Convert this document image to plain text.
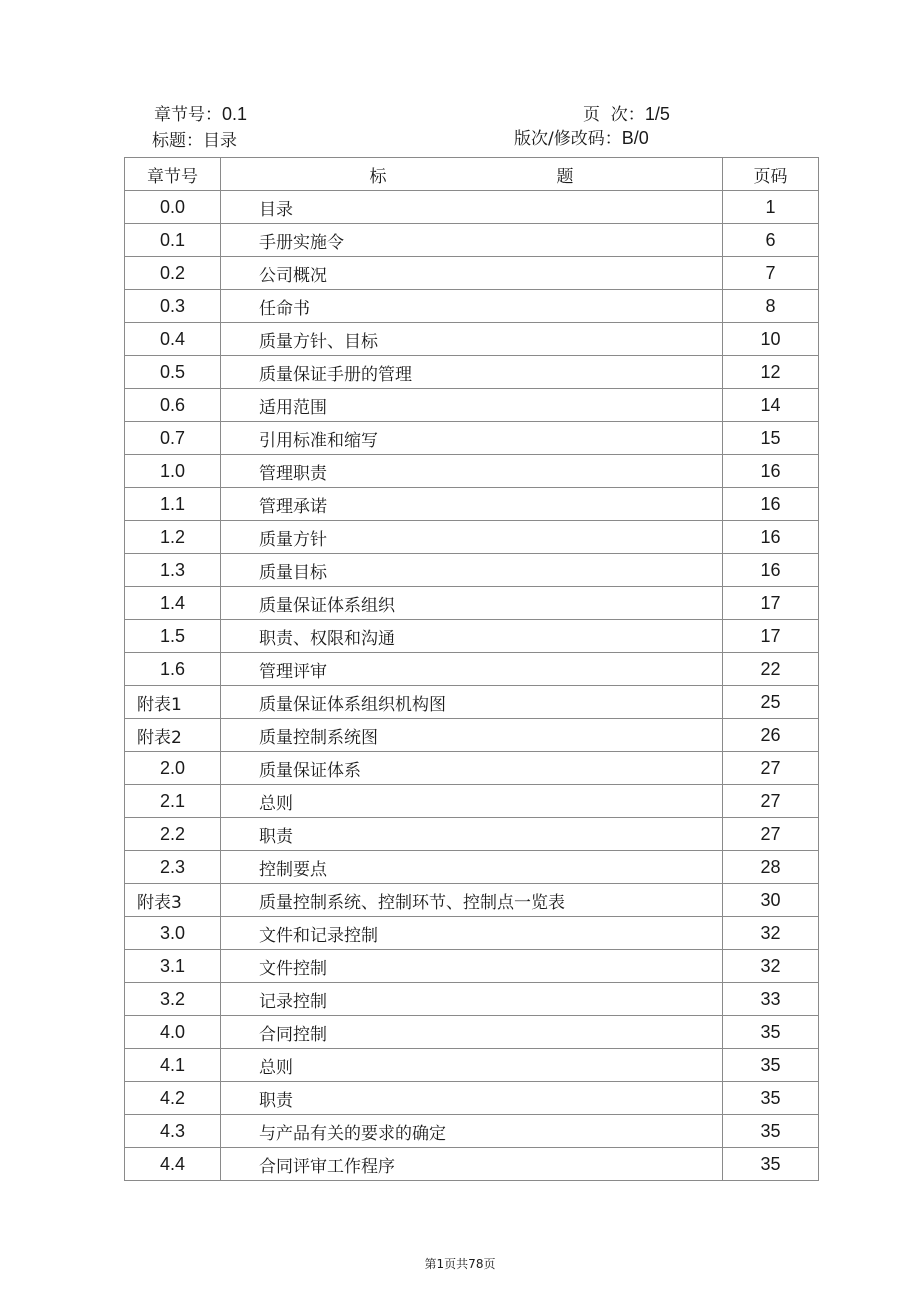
章节号：0.1	页  次：1/5
标题：目录	版次/修改码：B/0
章节号	标 题	页码
0.0	目录	1
0.1	手册实施令	6
0.2	公司概况	7
0.3	任命书	8
0.4	质量方针、目标	10
0.5	质量保证手册的管理	12
0.6	适用范围	14
0.7	引用标准和缩写	15
1.0	管理职责	16
1.1	管理承诺	16
1.2	质量方针	16
1.3	质量目标	16
1.4	质量保证体系组织	17
1.5	职责、权限和沟通	17
1.6	管理评审	22
附表1	质量保证体系组织机构图	25
附表2	质量控制系统图	26
2.0	质量保证体系	27
2.1	总则	27
2.2	职责	27
2.3	控制要点	28
附表3	质量控制系统、控制环节、控制点一览表	30
3.0	文件和记录控制	32
3.1	文件控制	32
3.2	记录控制	33
4.0	合同控制	35
4.1	总则	35
4.2	职责	35
4.3	与产品有关的要求的确定	35
4.4	合同评审工作程序	35
第1页共78页
